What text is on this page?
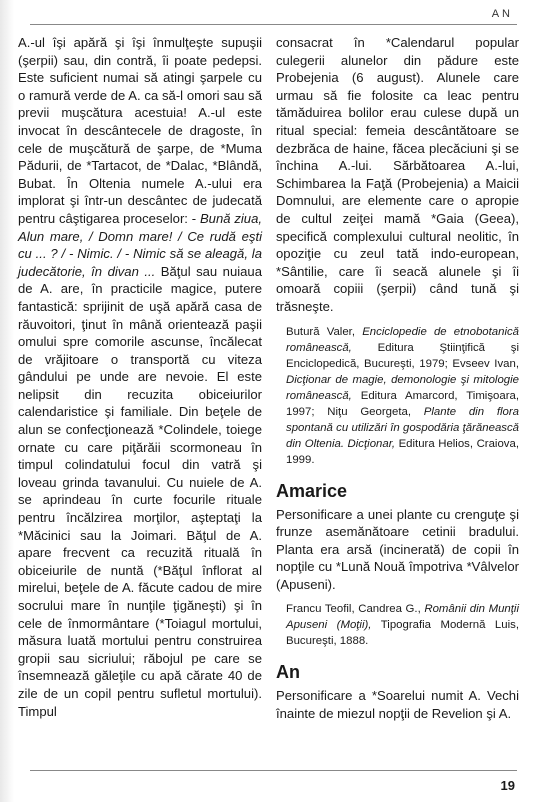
AN

A.-ul îşi apără şi îşi înmulţeşte supuşii (şerpii) sau, din contră, îi poate pedepsi. Este suficient numai să atingi şarpele cu o ramură verde de A. ca să-l omori sau să previi muşcătura acestuia! A.-ul este invocat în descântecele de dragoste, în cele de muşcătură de şarpe, de *Muma Pădurii, de *Tartacot, de *Dalac, *Blândă, Bubat. În Oltenia numele A.-ului era implorat şi într-un descântec de judecată pentru câştigarea proceselor: - Bună ziua, Alun mare, / Domn mare! / Ce rudă eşti cu ... ? / - Nimic. / - Nimic să se aleagă, la judecătorie, în divan ... Băţul sau nuiaua de A. are, în practicile magice, putere fantastică: sprijinit de uşă apără casa de răuvoitori, ţinut în mână orientează paşii omului spre comorile ascunse, încălecat de vrăjitoare o transportă cu viteza gândului pe unde are nevoie. El este nelipsit din recuzita obiceiurilor calendaristice şi familiale. Din beţele de alun se confecţionează *Colindele, toiege ornate cu care piţărăii scormoneau în timpul colindatului focul din vatră şi loveau grinda tavanului. Cu nuiele de A. se aprindeau în curte focurile rituale pentru încălzirea morţilor, aşteptaţi la *Măcinici sau la Joimari. Băţul de A. apare frecvent ca recuzită rituală în obiceiurile de nuntă (*Băţul înflorat al mirelui, beţele de A. făcute cadou de mire socrului mare în nunţile ţigăneşti) şi în cele de înmormântare (*Toiagul mortului, măsura luată mortului pentru construirea gropii sau sicriului; răbojul pe care se însemnează găleţile cu apă cărate 40 de zile de un copil pentru sufletul mortului). Timpul

consacrat în *Calendarul popular culegerii alunelor din pădure este Probejenia (6 august). Alunele care urmau să fie folosite ca leac pentru tămăduirea bolilor erau culese după un ritual special: femeia descântătoare se dezbrăca de haine, făcea plecăciuni şi se închina A.-lui. Sărbătoarea A.-lui, Schimbarea la Faţă (Probejenia) a Maicii Domnului, are elemente care o apropie de cultul zeiţei mamă *Gaia (Geea), specifică complexului cultural neolitic, în opoziţie cu zeul tată indo-european, *Sântilie, care îi seacă alunele şi îi omoară copiii (şerpii) când tună şi trăsneşte.

Butură Valer, Enciclopedie de etnobotanică românească, Editura Ştiinţifică şi Enciclopedică, Bucureşti, 1979; Evseev Ivan, Dicţionar de magie, demonologie şi mitologie românească, Editura Amarcord, Timişoara, 1997; Niţu Georgeta, Plante din flora spontană cu utilizări în gospodăria ţărănească din Oltenia. Dicţionar, Editura Helios, Craiova, 1999.

Amarice

Personificare a unei plante cu crenguţe şi frunze asemănătoare cetinii bradului. Planta era arsă (incinerată) de copii în nopţile cu *Lună Nouă împotriva *Vâlvelor (Apuseni).

Francu Teofil, Candrea G., Românii din Munţii Apuseni (Moţii), Tipografia Modernă Luis, Bucureşti, 1888.

An

Personificare a *Soarelui numit A. Vechi înainte de miezul nopţii de Revelion şi A.

19
